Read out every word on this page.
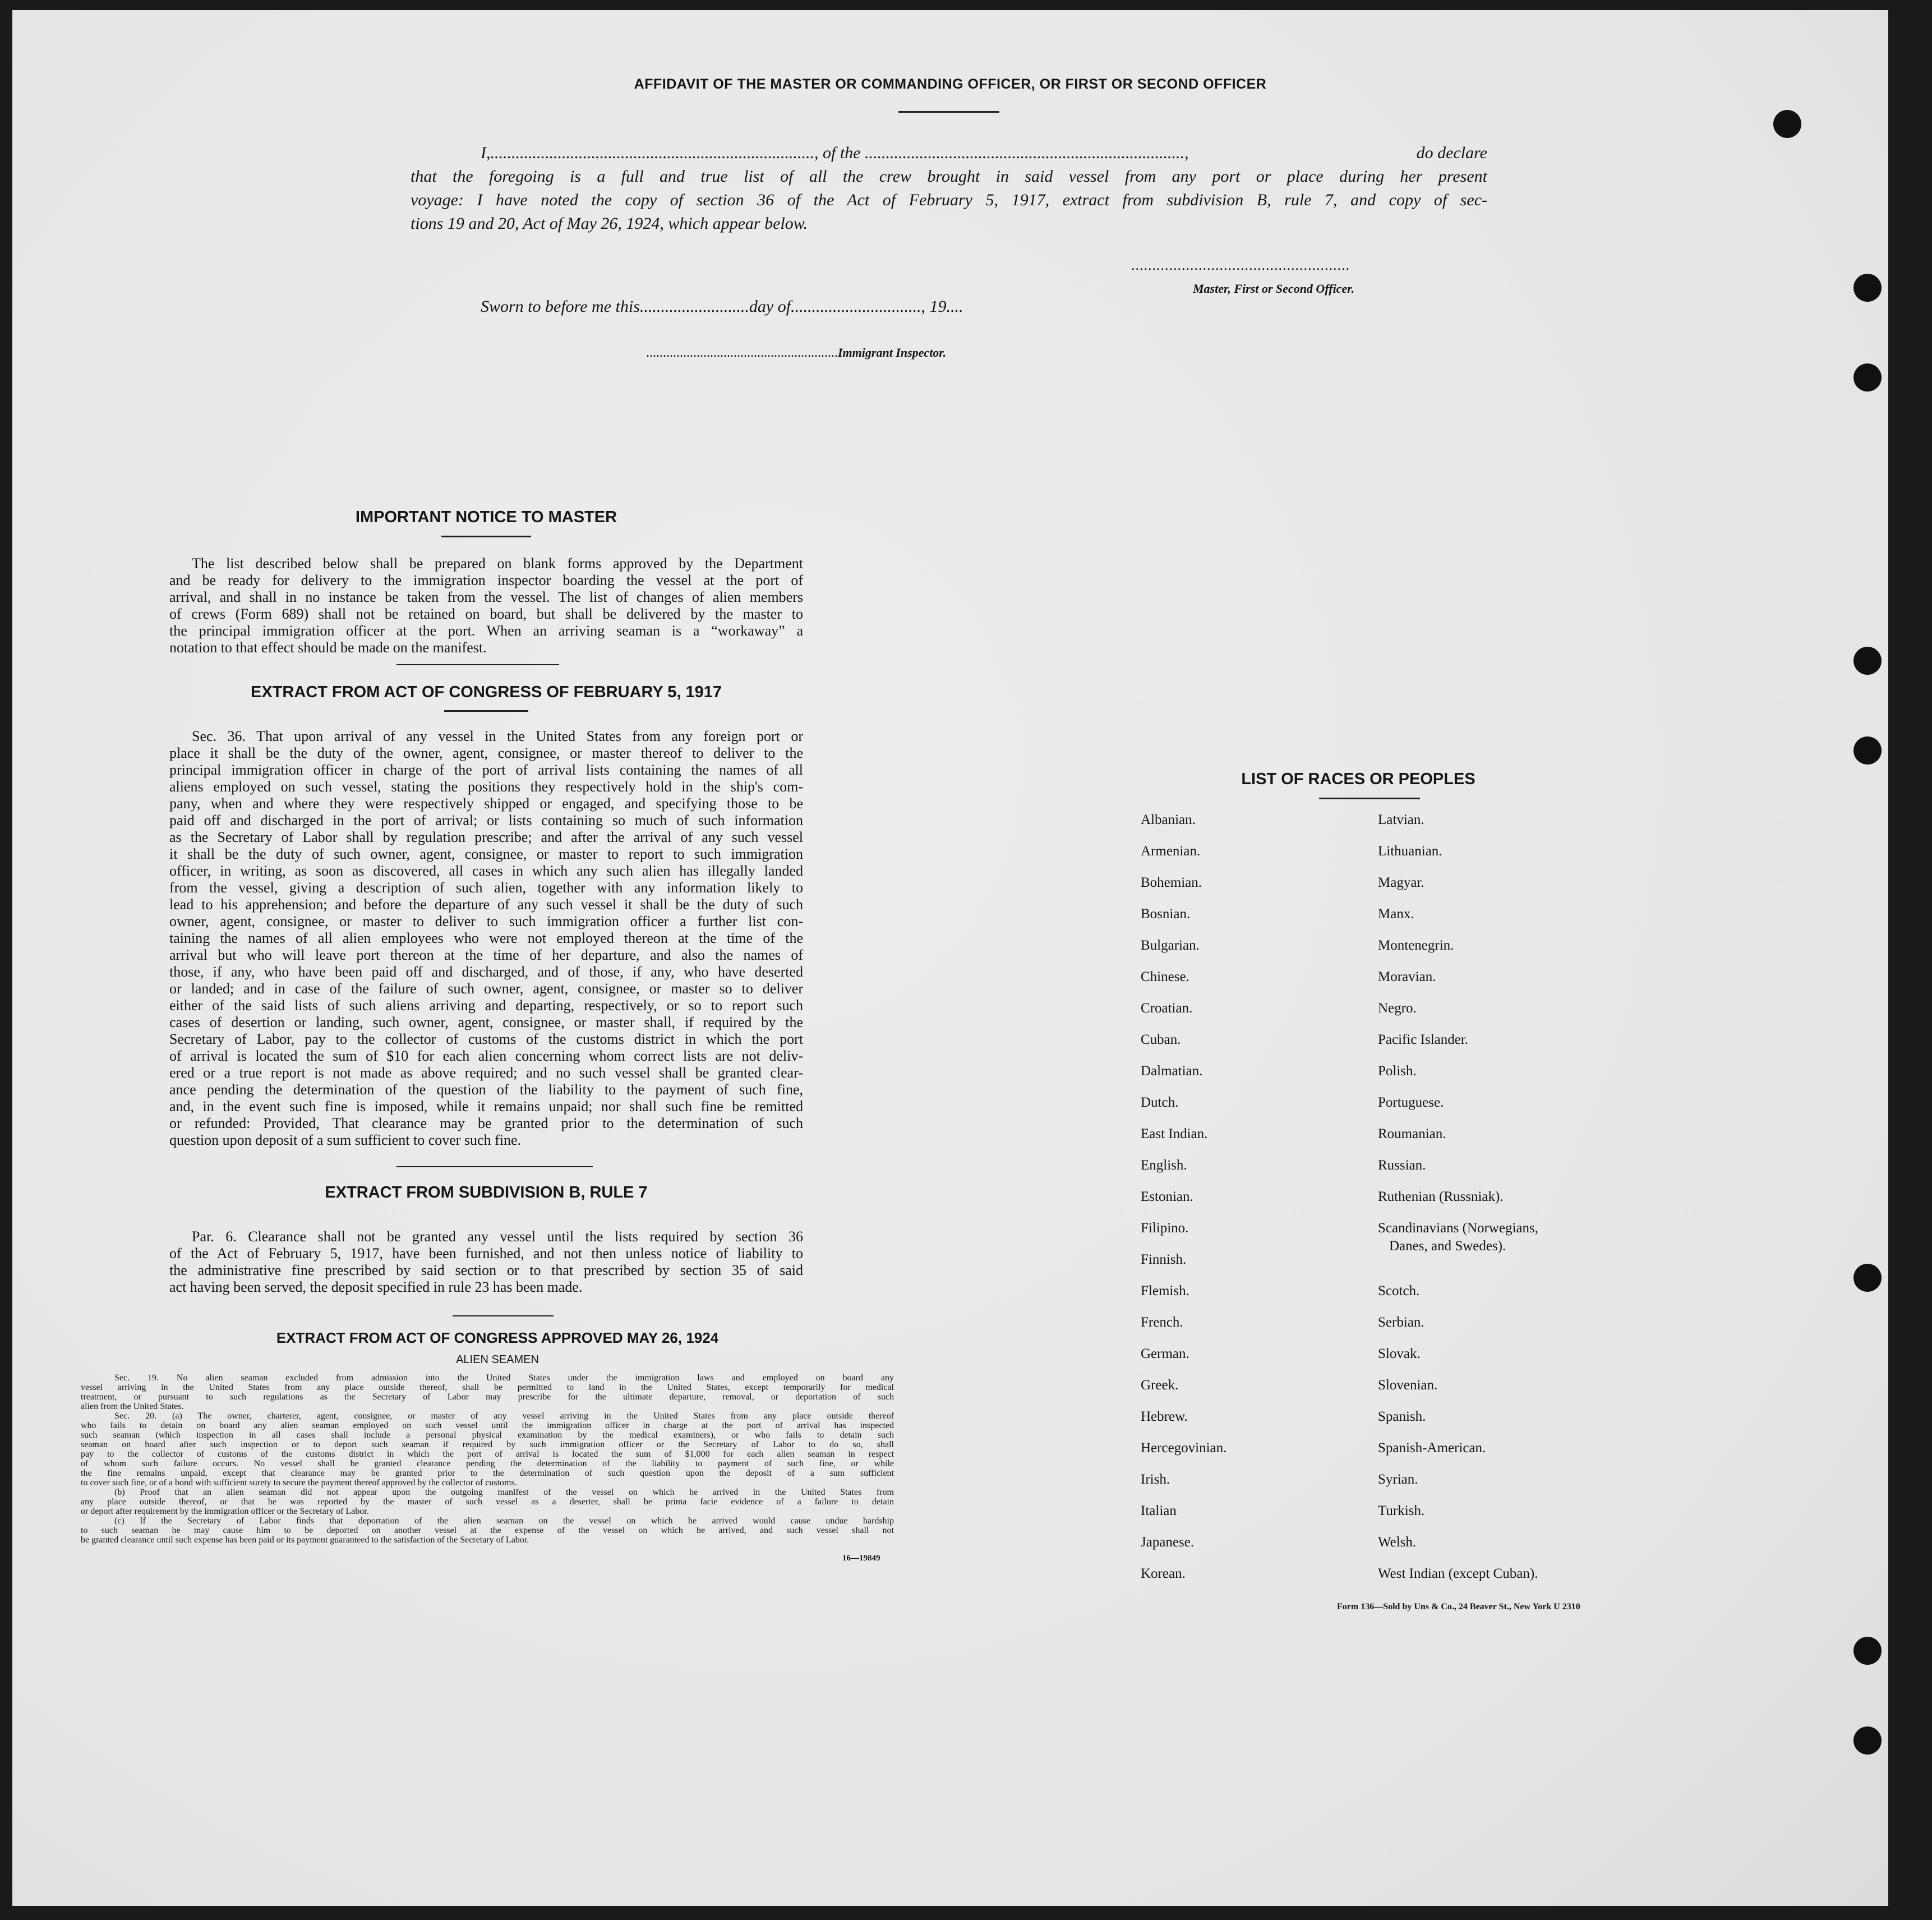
AFFIDAVIT OF THE MASTER OR COMMANDING OFFICER, OR FIRST OR SECOND OFFICER
I,............................................................................., of the ............................................................................,	do declare
that the foregoing is a full and true list of all the crew brought in said vessel from any port or place during her present
voyage: I have noted the copy of section 36 of the Act of February 5, 1917, extract from subdivision B, rule 7, and copy of sec-
tions 19 and 20, Act of May 26, 1924, which appear below.
....................................................
Master, First or Second Officer.
Sworn to before me this..........................day of..............................., 19....
.........................................................Immigrant Inspector.
IMPORTANT NOTICE TO MASTER
The list described below shall be prepared on blank forms approved by the Department
and be ready for delivery to the immigration inspector boarding the vessel at the port of
arrival, and shall in no instance be taken from the vessel. The list of changes of alien members
of crews (Form 689) shall not be retained on board, but shall be delivered by the master to
the principal immigration officer at the port. When an arriving seaman is a “workaway” a
notation to that effect should be made on the manifest.
EXTRACT FROM ACT OF CONGRESS OF FEBRUARY 5, 1917
Sec. 36. That upon arrival of any vessel in the United States from any foreign port or
place it shall be the duty of the owner, agent, consignee, or master thereof to deliver to the
principal immigration officer in charge of the port of arrival lists containing the names of all
aliens employed on such vessel, stating the positions they respectively hold in the ship's com-
pany, when and where they were respectively shipped or engaged, and specifying those to be
paid off and discharged in the port of arrival; or lists containing so much of such information
as the Secretary of Labor shall by regulation prescribe; and after the arrival of any such vessel
it shall be the duty of such owner, agent, consignee, or master to report to such immigration
officer, in writing, as soon as discovered, all cases in which any such alien has illegally landed
from the vessel, giving a description of such alien, together with any information likely to
lead to his apprehension; and before the departure of any such vessel it shall be the duty of such
owner, agent, consignee, or master to deliver to such immigration officer a further list con-
taining the names of all alien employees who were not employed thereon at the time of the
arrival but who will leave port thereon at the time of her departure, and also the names of
those, if any, who have been paid off and discharged, and of those, if any, who have deserted
or landed; and in case of the failure of such owner, agent, consignee, or master so to deliver
either of the said lists of such aliens arriving and departing, respectively, or so to report such
cases of desertion or landing, such owner, agent, consignee, or master shall, if required by the
Secretary of Labor, pay to the collector of customs of the customs district in which the port
of arrival is located the sum of $10 for each alien concerning whom correct lists are not deliv-
ered or a true report is not made as above required; and no such vessel shall be granted clear-
ance pending the determination of the question of the liability to the payment of such fine,
and, in the event such fine is imposed, while it remains unpaid; nor shall such fine be remitted
or refunded: Provided, That clearance may be granted prior to the determination of such
question upon deposit of a sum sufficient to cover such fine.
EXTRACT FROM SUBDIVISION B, RULE 7
Par. 6. Clearance shall not be granted any vessel until the lists required by section 36
of the Act of February 5, 1917, have been furnished, and not then unless notice of liability to
the administrative fine prescribed by said section or to that prescribed by section 35 of said
act having been served, the deposit specified in rule 23 has been made.
EXTRACT FROM ACT OF CONGRESS APPROVED MAY 26, 1924
ALIEN SEAMEN
Sec. 19. No alien seaman excluded from admission into the United States under the immigration laws and employed on board any
vessel arriving in the United States from any place outside thereof, shall be permitted to land in the United States, except temporarily for medical
treatment, or pursuant to such regulations as the Secretary of Labor may prescribe for the ultimate departure, removal, or deportation of such
alien from the United States.
Sec. 20. (a) The owner, charterer, agent, consignee, or master of any vessel arriving in the United States from any place outside thereof
who fails to detain on board any alien seaman employed on such vessel until the immigration officer in charge at the port of arrival has inspected
such seaman (which inspection in all cases shall include a personal physical examination by the medical examiners), or who fails to detain such
seaman on board after such inspection or to deport such seaman if required by such immigration officer or the Secretary of Labor to do so, shall
pay to the collector of customs of the customs district in which the port of arrival is located the sum of $1,000 for each alien seaman in respect
of whom such failure occurs. No vessel shall be granted clearance pending the determination of the liability to payment of such fine, or while
the fine remains unpaid, except that clearance may be granted prior to the determination of such question upon the deposit of a sum sufficient
to cover such fine, or of a bond with sufficient surety to secure the payment thereof approved by the collector of customs.
(b) Proof that an alien seaman did not appear upon the outgoing manifest of the vessel on which he arrived in the United States from
any place outside thereof, or that he was reported by the master of such vessel as a deserter, shall be prima facie evidence of a failure to detain
or deport after requirement by the immigration officer or the Secretary of Labor.
(c) If the Secretary of Labor finds that deportation of the alien seaman on the vessel on which he arrived would cause undue hardship
to such seaman he may cause him to be deported on another vessel at the expense of the vessel on which he arrived, and such vessel shall not
be granted clearance until such expense has been paid or its payment guaranteed to the satisfaction of the Secretary of Labor.
16—19849
LIST OF RACES OR PEOPLES
Albanian.
Armenian.
Bohemian.
Bosnian.
Bulgarian.
Chinese.
Croatian.
Cuban.
Dalmatian.
Dutch.
East Indian.
English.
Estonian.
Filipino.
Finnish.
Flemish.
French.
German.
Greek.
Hebrew.
Hercegovinian.
Irish.
Italian
Japanese.
Korean.
Latvian.
Lithuanian.
Magyar.
Manx.
Montenegrin.
Moravian.
Negro.
Pacific Islander.
Polish.
Portuguese.
Roumanian.
Russian.
Ruthenian (Russniak).
Scandinavians (Norwegians,
Danes, and Swedes).
Scotch.
Serbian.
Slovak.
Slovenian.
Spanish.
Spanish-American.
Syrian.
Turkish.
Welsh.
West Indian (except Cuban).
Form 136—Sold by Uns & Co., 24 Beaver St., New York U 2310
